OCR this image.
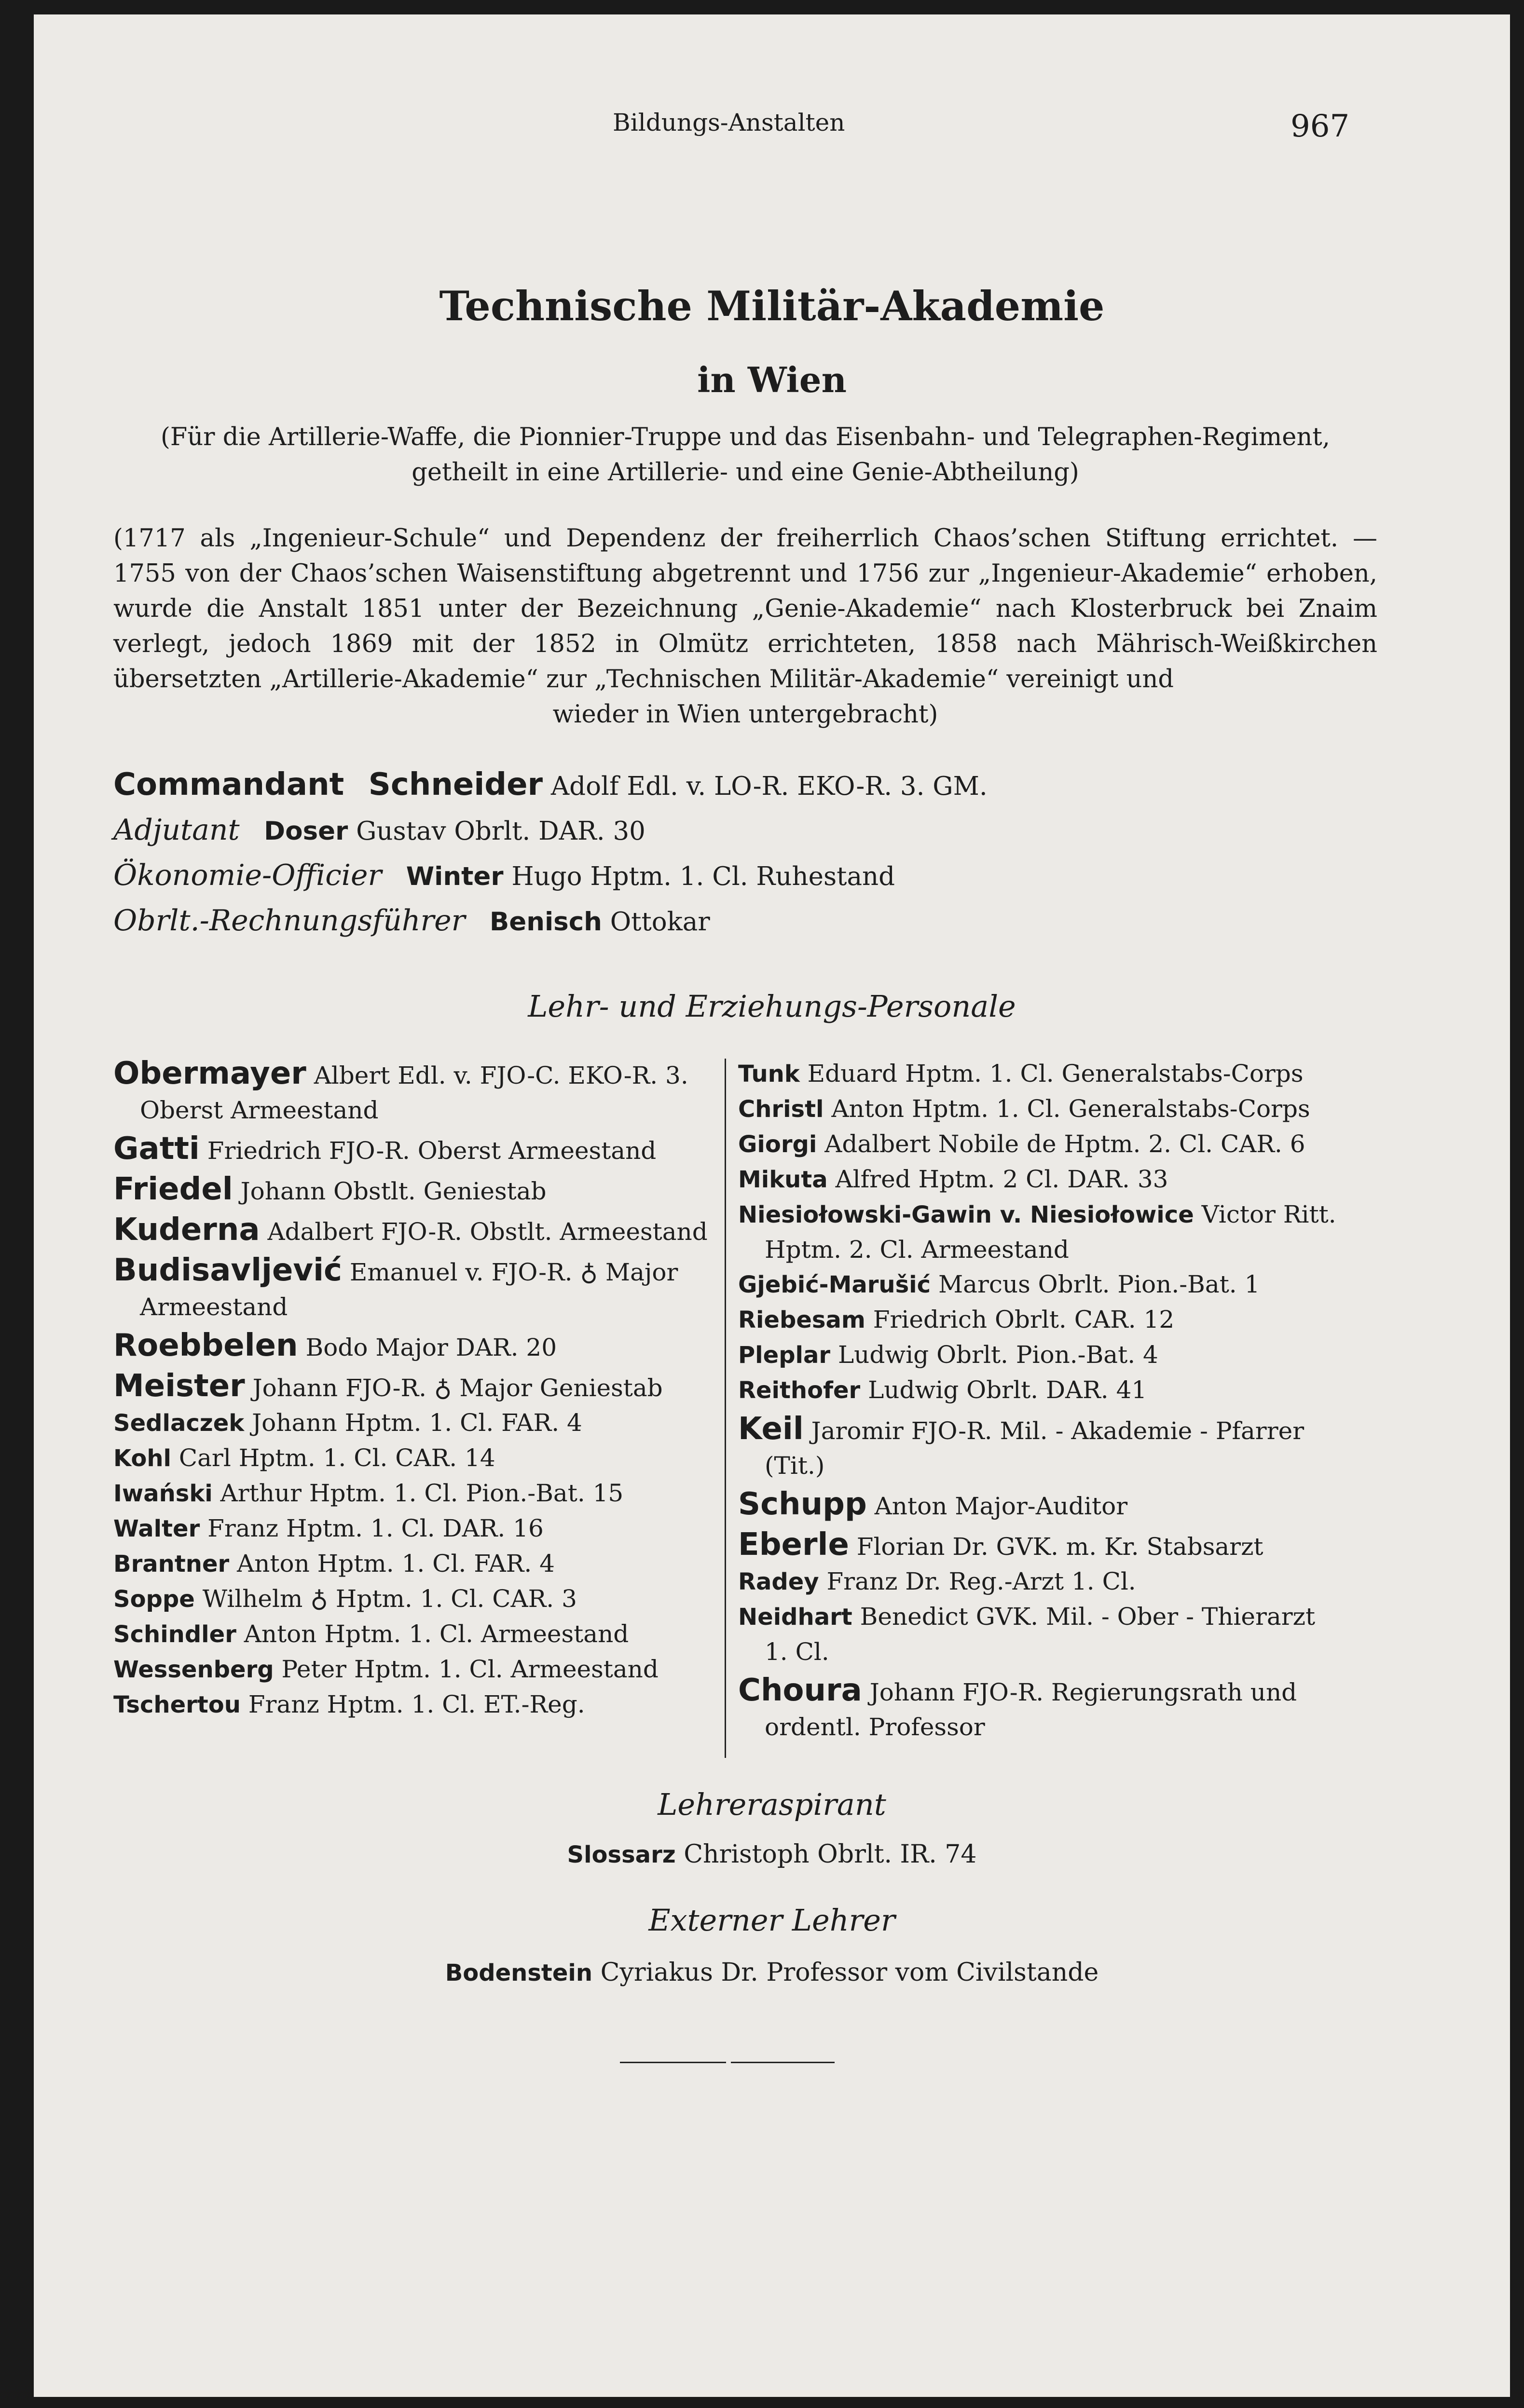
Bildungs-Anstalten	967
Technische Militär-Akademie
in Wien
(Für die Artillerie-Waffe, die Pionnier-Truppe und das Eisenbahn- und Telegraphen-Regiment,
getheilt in eine Artillerie- und eine Genie-Abtheilung)
(1717 als „Ingenieur-Schule“ und Dependenz der freiherrlich Chaos’schen Stiftung errichtet. — 1755 von der Chaos’schen Waisenstiftung abgetrennt und 1756 zur „Ingenieur-Akademie“ erhoben, wurde die Anstalt 1851 unter der Bezeichnung „Genie-Akademie“ nach Klosterbruck bei Znaim verlegt, jedoch 1869 mit der 1852 in Olmütz errichteten, 1858 nach Mährisch-Weißkirchen übersetzten „Artillerie-Akademie“ zur „Technischen Militär-Akademie“ vereinigt und
wieder in Wien untergebracht)
Commandant Schneider Adolf Edl. v. LO-R. EKO-R. 3. GM.
Adjutant Doser Gustav Obrlt. DAR. 30
Ökonomie-Officier Winter Hugo Hptm. 1. Cl. Ruhestand
Obrlt.-Rechnungsführer Benisch Ottokar
Lehr- und Erziehungs-Personale
Obermayer Albert Edl. v. FJO-C. EKO-R. 3.
Oberst Armeestand
Gatti Friedrich FJO-R. Oberst Armeestand
Friedel Johann Obstlt. Geniestab
Kuderna Adalbert FJO-R. Obstlt. Armeestand
Budisavljević Emanuel v. FJO-R. ♁ Major
Armeestand
Roebbelen Bodo Major DAR. 20
Meister Johann FJO-R. ♁ Major Geniestab
Sedlaczek Johann Hptm. 1. Cl. FAR. 4
Kohl Carl Hptm. 1. Cl. CAR. 14
Iwański Arthur Hptm. 1. Cl. Pion.-Bat. 15
Walter Franz Hptm. 1. Cl. DAR. 16
Brantner Anton Hptm. 1. Cl. FAR. 4
Soppe Wilhelm ♁ Hptm. 1. Cl. CAR. 3
Schindler Anton Hptm. 1. Cl. Armeestand
Wessenberg Peter Hptm. 1. Cl. Armeestand
Tschertou Franz Hptm. 1. Cl. ET.-Reg.
Tunk Eduard Hptm. 1. Cl. Generalstabs-Corps
Christl Anton Hptm. 1. Cl. Generalstabs-Corps
Giorgi Adalbert Nobile de Hptm. 2. Cl. CAR. 6
Mikuta Alfred Hptm. 2 Cl. DAR. 33
Niesiołowski-Gawin v. Niesiołowice Victor Ritt.
Hptm. 2. Cl. Armeestand
Gjebić-Marušić Marcus Obrlt. Pion.-Bat. 1
Riebesam Friedrich Obrlt. CAR. 12
Pleplar Ludwig Obrlt. Pion.-Bat. 4
Reithofer Ludwig Obrlt. DAR. 41
Keil Jaromir FJO-R. Mil. - Akademie - Pfarrer
(Tit.)
Schupp Anton Major-Auditor
Eberle Florian Dr. GVK. m. Kr. Stabsarzt
Radey Franz Dr. Reg.-Arzt 1. Cl.
Neidhart Benedict GVK. Mil. - Ober - Thierarzt
1. Cl.
Choura Johann FJO-R. Regierungsrath und
ordentl. Professor
Lehreraspirant
Slossarz Christoph Obrlt. IR. 74
Externer Lehrer
Bodenstein Cyriakus Dr. Professor vom Civilstande
